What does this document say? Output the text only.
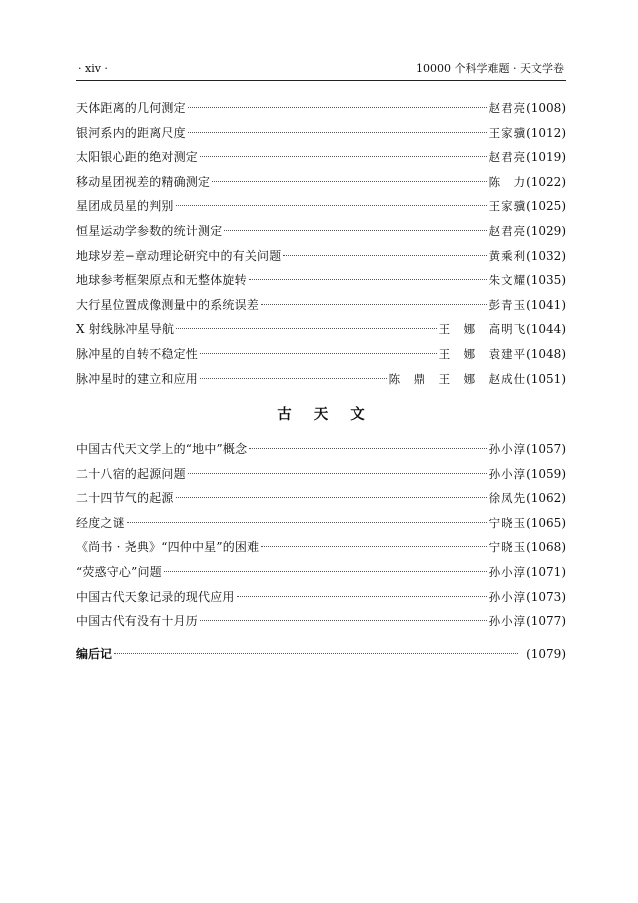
· xiv ·	10000 个科学难题 · 天文学卷
天体距离的几何测定	赵君亮 (1008)
银河系内的距离尺度	王家骥 (1012)
太阳银心距的绝对测定	赵君亮 (1019)
移动星团视差的精确测定	陈　力 (1022)
星团成员星的判别	王家骥 (1025)
恒星运动学参数的统计测定	赵君亮 (1029)
地球岁差−章动理论研究中的有关问题	黄乘利 (1032)
地球参考框架原点和无整体旋转	朱文耀 (1035)
大行星位置成像测量中的系统误差	彭青玉 (1041)
X 射线脉冲星导航	王　娜　高明飞 (1044)
脉冲星的自转不稳定性	王　娜　袁建平 (1048)
脉冲星时的建立和应用	陈　鼎　王　娜　赵成仕 (1051)
古天文
中国古代天文学上的“地中”概念	孙小淳 (1057)
二十八宿的起源问题	孙小淳 (1059)
二十四节气的起源	徐凤先 (1062)
经度之谜	宁晓玉 (1065)
《尚书 · 尧典》“四仲中星”的困难	宁晓玉 (1068)
“荧惑守心”问题	孙小淳 (1071)
中国古代天象记录的现代应用	孙小淳 (1073)
中国古代有没有十月历	孙小淳 (1077)
编后记	(1079)
